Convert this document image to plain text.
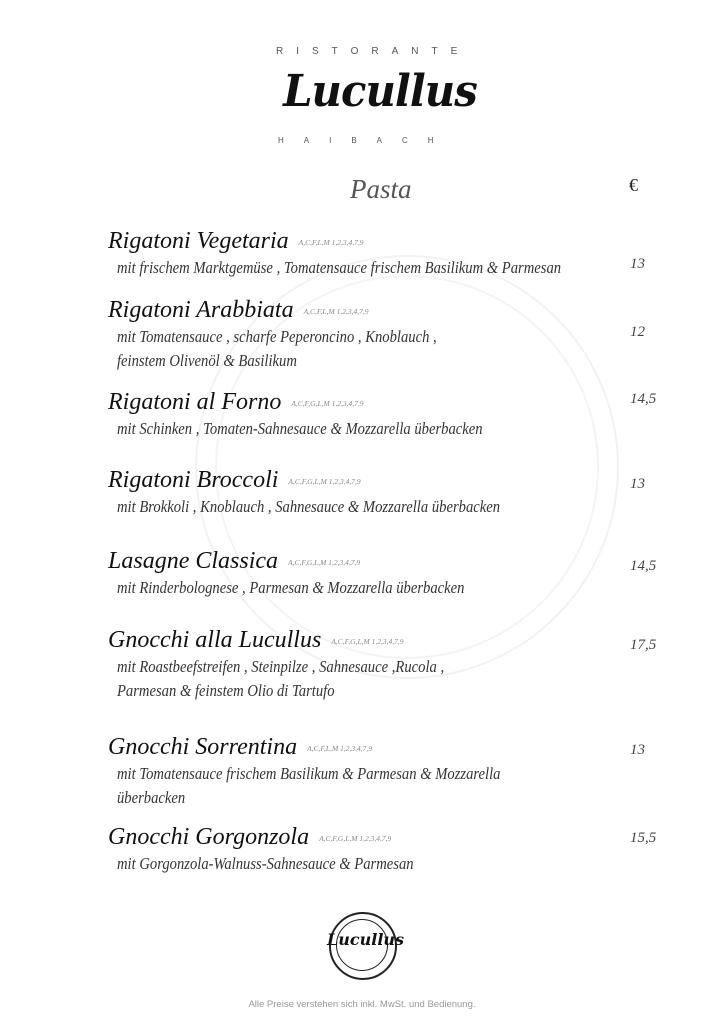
RISTORANTE
Lucullus
HAIBACH
Pasta	€
Rigatoni Vegetaria $^{A,C,F,L,M 1,2,3,4,7,9}$
mit frischem Marktgemüse , Tomatensauce frischem Basilikum & Parmesan	13
Rigatoni Arabbiata $^{A,C,F,L,M 1,2,3,4,7,9}$
mit Tomatensauce , scharfe Peperoncino , Knoblauch ,
feinstem Olivenöl & Basilikum
12
Rigatoni al Forno $^{A,C,F,G,L,M 1,2,3,4,7,9}$
mit Schinken , Tomaten-Sahnesauce & Mozzarella überbacken
14,5
Rigatoni Broccoli $^{A,C,F,G,L,M 1,2,3,4,7,9}$
mit Brokkoli , Knoblauch , Sahnesauce & Mozzarella überbacken
13
Lasagne Classica $^{A,C,F,G,L,M 1,2,3,4,7,9}$
mit Rinderbolognese , Parmesan & Mozzarella überbacken
14,5
Gnocchi alla Lucullus $^{A,C,F,G,L,M 1,2,3,4,7,9}$
mit Roastbeefstreifen , Steinpilze , Sahnesauce ,Rucola ,
Parmesan & feinstem Olio di Tartufo
17,5
Gnocchi Sorrentina $^{A,C,F,L,M 1,2,3,4,7,9}$
mit Tomatensauce frischem Basilikum & Parmesan & Mozzarella
überbacken
13
Gnocchi Gorgonzola $^{A,C,F,G,L,M 1,2,3,4,7,9}$
mit Gorgonzola-Walnuss-Sahnesauce & Parmesan
15,5
Lucullus
Alle Preise verstehen sich inkl. MwSt. und Bedienung.
